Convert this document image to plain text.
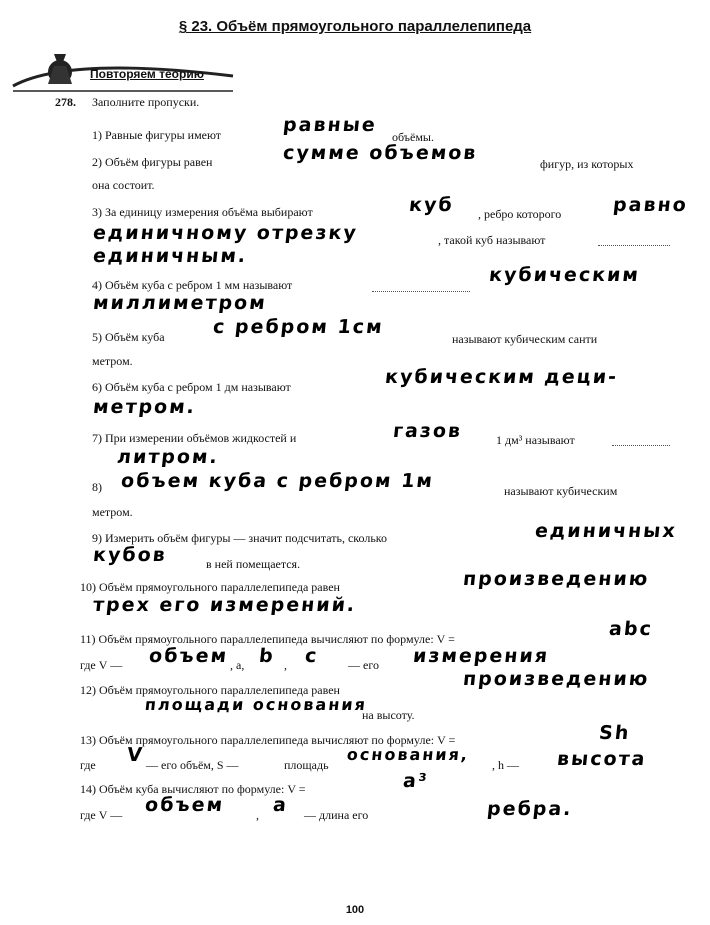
§ 23. Объём прямоугольного параллелепипеда
Повторяем теорию
278. Заполните пропуски.
1) Равные фигуры имеют	равные
объёмы.
2) Объём фигуры равен	сумме объемов	фигур, из которых
она состоит.
3) За единицу измерения объёма выбирают	куб , ребро которого	равно
единичному отрезку	, такой куб называют
единичным.
4) Объём куба с ребром 1 мм называют	кубическим
миллиметром
5) Объём куба с ребром 1см
называют кубическим санти
метром.
6) Объём куба с ребром 1 дм называют	кубическим деци-
метром.
7) При измерении объёмов жидкостей и	газов	1 дм³ называют
литром.
8) объем куба с ребром 1м	называют кубическим
метром.
9) Измерить объём фигуры — значит подсчитать, сколько	единичных
кубов	в ней помещается.
10) Объём прямоугольного параллелепипеда равен	произведению
трех его измерений.
11) Объём прямоугольного параллелепипеда вычисляют по формуле: V =	abc
где V — объем , a, b , c — его измерения
12) Объём прямоугольного параллелепипеда равен	произведению
площади основания
на высоту.
13) Объём прямоугольного параллелепипеда вычисляют по формуле: V =	Sh
где V — его объём, S —	площадь
основания,
, h — высота
14) Объём куба вычисляют по формуле: V =	a³
где V — объем	, a — длина его	ребра.
100
